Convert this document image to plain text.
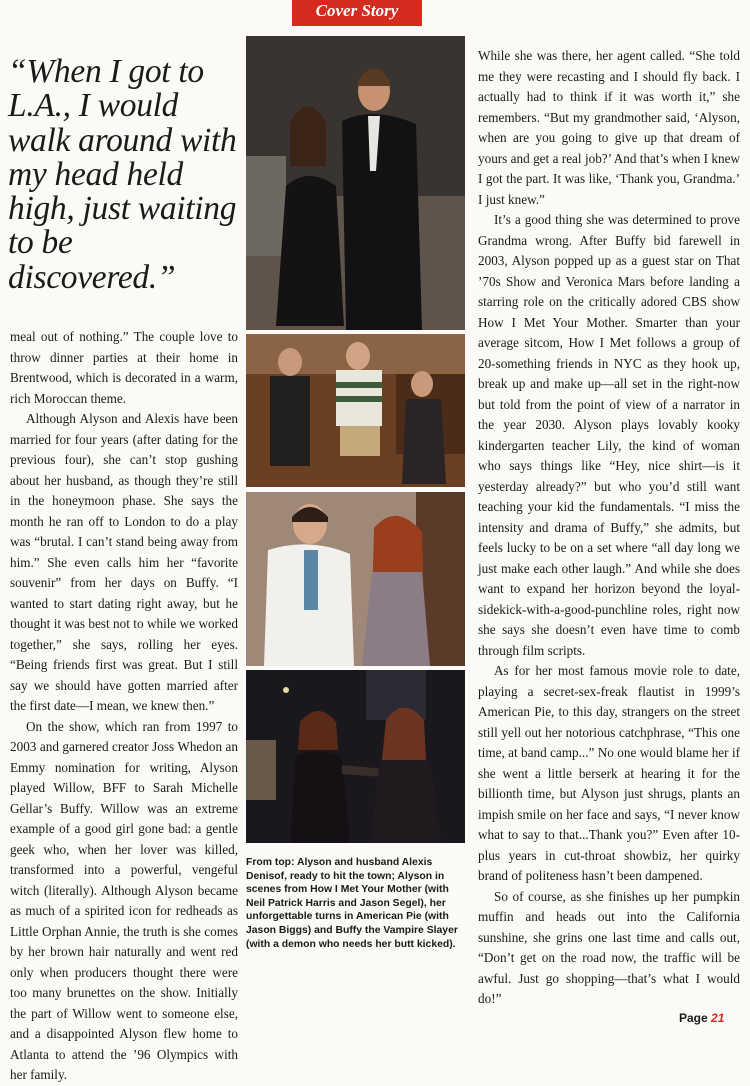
Cover Story
“When I got to L.A., I would walk around with my head held high, just waiting to be discovered.”

meal out of nothing.” The couple love to throw dinner parties at their home in Brentwood, which is decorated in a warm, rich Moroccan theme.

Although Alyson and Alexis have been married for four years (after dating for the previous four), she can’t stop gushing about her husband, as though they’re still in the honeymoon phase. She says the month he ran off to London to do a play was “brutal. I can’t stand being away from him.” She even calls him her “favorite souvenir” from her days on Buffy. “I wanted to start dating right away, but he thought it was best not to while we worked together,” she says, rolling her eyes. “Being friends first was great. But I still say we should have gotten married after the first date—I mean, we knew then.”

On the show, which ran from 1997 to 2003 and garnered creator Joss Whedon an Emmy nomination for writing, Alyson played Willow, BFF to Sarah Michelle Gellar’s Buffy. Willow was an extreme example of a good girl gone bad: a gentle geek who, when her lover was killed, transformed into a powerful, vengeful witch (literally). Although Alyson became as much of a spirited icon for redheads as Little Orphan Annie, the truth is she comes by her brown hair naturally and went red only when producers thought there were too many brunettes on the show. Initially the part of Willow went to someone else, and a disappointed Alyson flew home to Atlanta to attend the ’96 Olympics with her family.

From top: Alyson and husband Alexis Denisof, ready to hit the town; Alyson in scenes from How I Met Your Mother (with Neil Patrick Harris and Jason Segel), her unforgettable turns in American Pie (with Jason Biggs) and Buffy the Vampire Slayer (with a demon who needs her butt kicked).

While she was there, her agent called. “She told me they were recasting and I should fly back. I actually had to think if it was worth it,” she remembers. “But my grandmother said, ‘Alyson, when are you going to give up that dream of yours and get a real job?’ And that’s when I knew I got the part. It was like, ‘Thank you, Grandma.’ I just knew.”

It’s a good thing she was determined to prove Grandma wrong. After Buffy bid farewell in 2003, Alyson popped up as a guest star on That ’70s Show and Veronica Mars before landing a starring role on the critically adored CBS show How I Met Your Mother. Smarter than your average sitcom, How I Met follows a group of 20-something friends in NYC as they hook up, break up and make up—all set in the right-now but told from the point of view of a narrator in the year 2030. Alyson plays lovably kooky kindergarten teacher Lily, the kind of woman who says things like “Hey, nice shirt—is it yesterday already?” but who you’d still want teaching your kid the fundamentals. “I miss the intensity and drama of Buffy,” she admits, but feels lucky to be on a set where “all day long we just make each other laugh.” And while she does want to expand her horizon beyond the loyal-sidekick-with-a-good-punchline roles, right now she says she doesn’t even have time to comb through film scripts.

As for her most famous movie role to date, playing a secret-sex-freak flautist in 1999’s American Pie, to this day, strangers on the street still yell out her notorious catchphrase, “This one time, at band camp...” No one would blame her if she went a little berserk at hearing it for the billionth time, but Alyson just shrugs, plants an impish smile on her face and says, “I never know what to say to that...Thank you?” Even after 10-plus years in cut-throat showbiz, her quirky brand of politeness hasn’t been dampened.

So of course, as she finishes up her pumpkin muffin and heads out into the California sunshine, she grins one last time and calls out, “Don’t get on the road now, the traffic will be awful. Just go shopping—that’s what I would do!”

Page 21
